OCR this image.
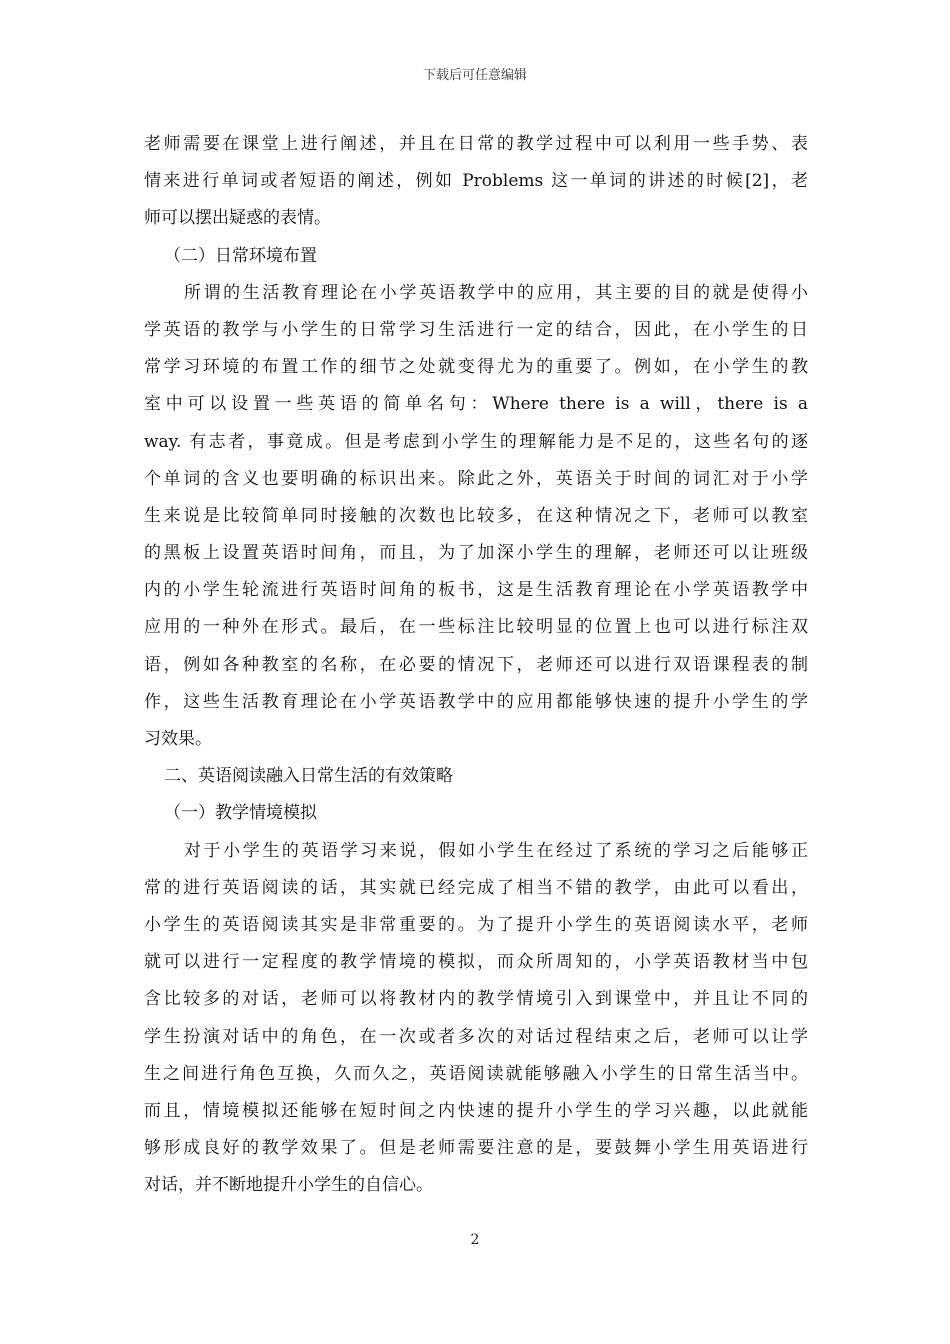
下载后可任意编辑
老师需要在课堂上进行阐述，并且在日常的教学过程中可以利用一些手势、表
情来进行单词或者短语的阐述，例如 Problems 这一单词的讲述的时候[2]，老
师可以摆出疑惑的表情。
（二）日常环境布置
所谓的生活教育理论在小学英语教学中的应用，其主要的目的就是使得小
学英语的教学与小学生的日常学习生活进行一定的结合，因此，在小学生的日
常学习环境的布置工作的细节之处就变得尤为的重要了。例如，在小学生的教
室中可以设置一些英语的简单名句：Where there is a will，there is a
way. 有志者，事竟成。但是考虑到小学生的理解能力是不足的，这些名句的逐
个单词的含义也要明确的标识出来。除此之外，英语关于时间的词汇对于小学
生来说是比较简单同时接触的次数也比较多，在这种情况之下，老师可以教室
的黑板上设置英语时间角，而且，为了加深小学生的理解，老师还可以让班级
内的小学生轮流进行英语时间角的板书，这是生活教育理论在小学英语教学中
应用的一种外在形式。最后，在一些标注比较明显的位置上也可以进行标注双
语，例如各种教室的名称，在必要的情况下，老师还可以进行双语课程表的制
作，这些生活教育理论在小学英语教学中的应用都能够快速的提升小学生的学
习效果。
二、英语阅读融入日常生活的有效策略
（一）教学情境模拟
对于小学生的英语学习来说，假如小学生在经过了系统的学习之后能够正
常的进行英语阅读的话，其实就已经完成了相当不错的教学，由此可以看出，
小学生的英语阅读其实是非常重要的。为了提升小学生的英语阅读水平，老师
就可以进行一定程度的教学情境的模拟，而众所周知的，小学英语教材当中包
含比较多的对话，老师可以将教材内的教学情境引入到课堂中，并且让不同的
学生扮演对话中的角色，在一次或者多次的对话过程结束之后，老师可以让学
生之间进行角色互换，久而久之，英语阅读就能够融入小学生的日常生活当中。
而且，情境模拟还能够在短时间之内快速的提升小学生的学习兴趣，以此就能
够形成良好的教学效果了。但是老师需要注意的是，要鼓舞小学生用英语进行
对话，并不断地提升小学生的自信心。
2
